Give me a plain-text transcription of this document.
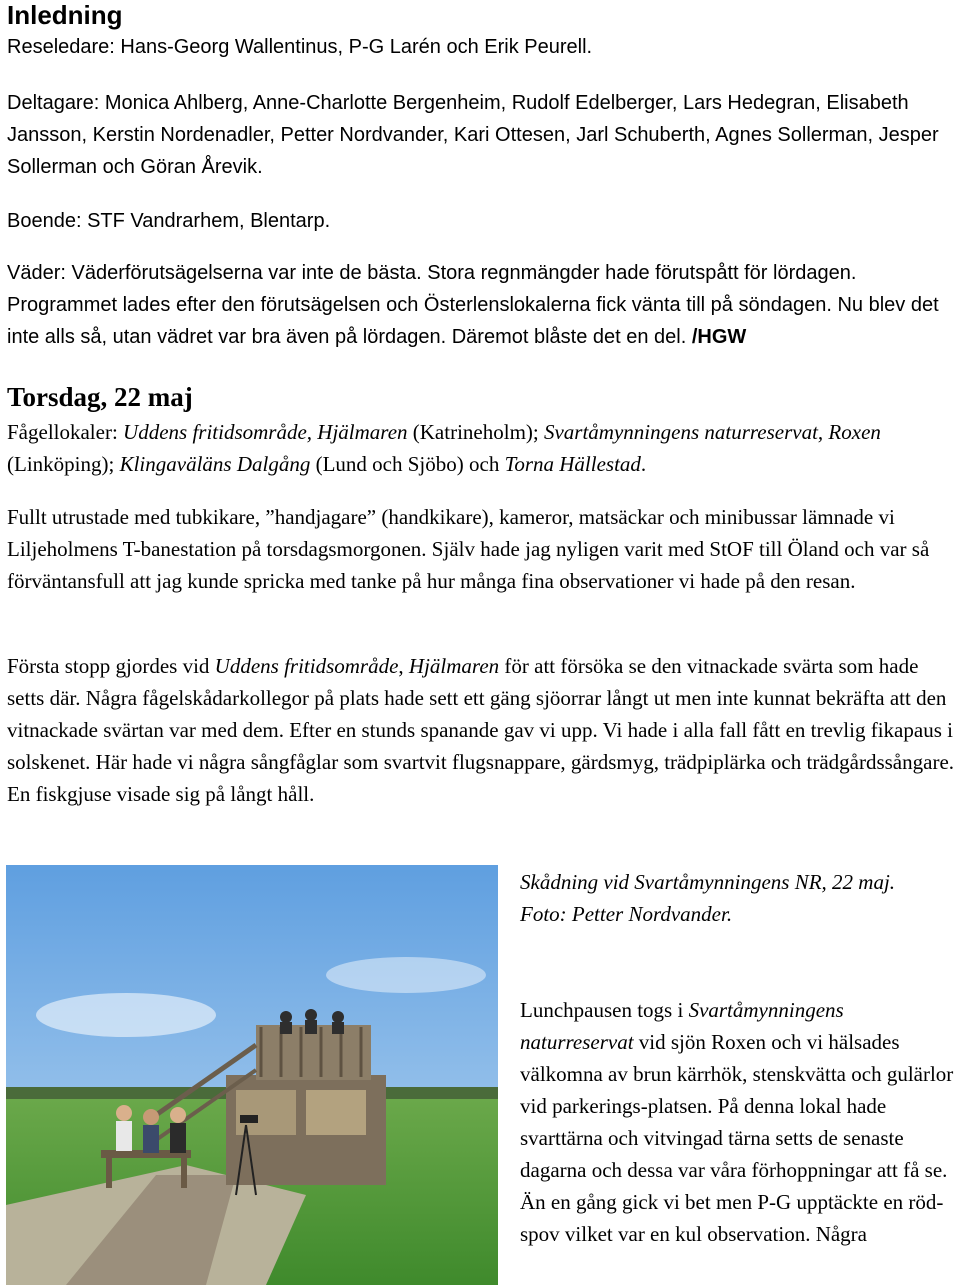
Inledning

Reseledare: Hans-Georg Wallentinus, P-G Larén och Erik Peurell.

Deltagare: Monica Ahlberg, Anne-Charlotte Bergenheim, Rudolf Edelberger, Lars Hedegran, Elisabeth Jansson, Kerstin Nordenadler, Petter Nordvander, Kari Ottesen, Jarl Schuberth, Agnes Sollerman, Jesper Sollerman och Göran Årevik.

Boende: STF Vandrarhem, Blentarp.

Väder: Väderförutsägelserna var inte de bästa. Stora regnmängder hade förutspått för lördagen. Programmet lades efter den förutsägelsen och Österlenslokalerna fick vänta till på söndagen. Nu blev det inte alls så, utan vädret var bra även på lördagen. Däremot blåste det en del. /HGW

Torsdag, 22 maj

Fågellokaler: Uddens fritidsområde, Hjälmaren (Katrineholm); Svartåmynningens naturreservat, Roxen (Linköping); Klingaväläns Dalgång (Lund och Sjöbo) och Torna Hällestad.

Fullt utrustade med tubkikare, ”handjagare” (handkikare), kameror, matsäckar och minibussar lämnade vi Liljeholmens T-banestation på torsdagsmorgonen. Själv hade jag nyligen varit med StOF till Öland och var så förväntansfull att jag kunde spricka med tanke på hur många fina observationer vi hade på den resan.

Första stopp gjordes vid Uddens fritidsområde, Hjälmaren för att försöka se den vitnackade svärta som hade setts där. Några fågelskådarkollegor på plats hade sett ett gäng sjöorrar långt ut men inte kunnat bekräfta att den vitnackade svärtan var med dem. Efter en stunds spanande gav vi upp. Vi hade i alla fall fått en trevlig fikapaus i solskenet. Här hade vi några sångfåglar som svartvit flugsnappare, gärdsmyg, trädpiplärka och trädgårdssångare. En fiskgjuse visade sig på långt håll.

Skådning vid Svartåmynningens NR, 22 maj.
Foto: Petter Nordvander.
Lunchpausen togs i Svartåmynningens naturreservat vid sjön Roxen och vi hälsades välkomna av brun kärrhök, stenskvätta och gulärlor vid parkerings-platsen. På denna lokal hade svarttärna och vitvingad tärna setts de senaste dagarna och dessa var våra förhoppningar att få se. Än en gång gick vi bet men P-G upptäckte en röd-spov vilket var en kul observation. Några
